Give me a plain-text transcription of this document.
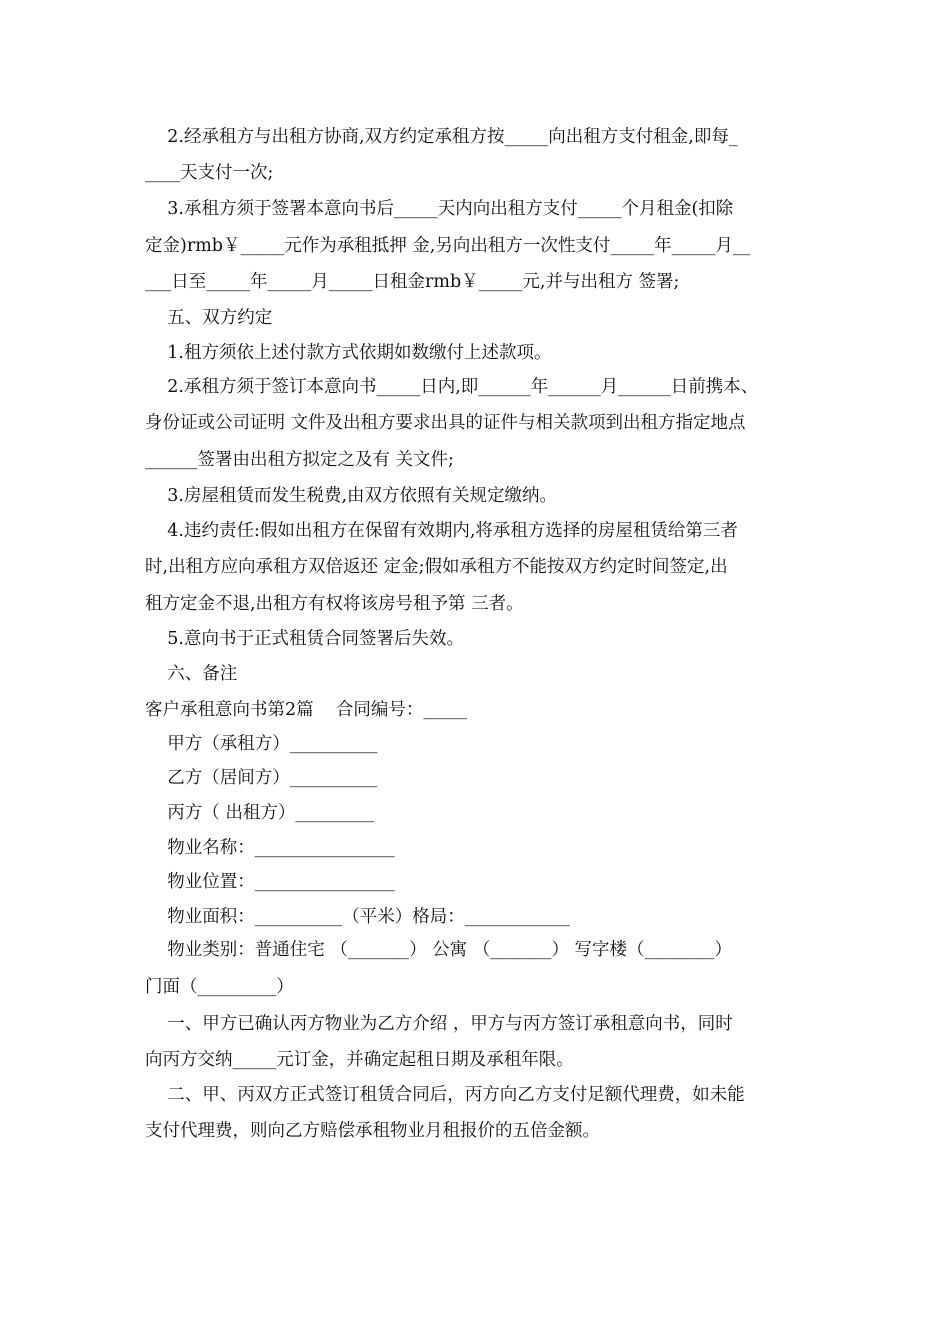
2.经承租方与出租方协商,双方约定承租方按_____向出租方支付租金,即每_
____天支付一次;
3.承租方须于签署本意向书后_____天内向出租方支付_____个月租金(扣除
定金)rmb￥_____元作为承租抵押 金,另向出租方一次性支付_____年_____月__
___日至_____年_____月_____日租金rmb￥_____元,并与出租方 签署;
五、双方约定
1.租方须依上述付款方式依期如数缴付上述款项。
2.承租方须于签订本意向书_____日内,即______年______月______日前携本、
身份证或公司证明 文件及出租方要求出具的证件与相关款项到出租方指定地点
______签署由出租方拟定之及有 关文件;
3.房屋租赁而发生税费,由双方依照有关规定缴纳。
4.违约责任:假如出租方在保留有效期内,将承租方选择的房屋租赁给第三者
时,出租方应向承租方双倍返还 定金;假如承租方不能按双方约定时间签定,出
租方定金不退,出租方有权将该房号租予第 三者。
5.意向书于正式租赁合同签署后失效。
六、备注
客户承租意向书第2篇    合同编号：_____
甲方（承租方）__________
乙方（居间方）__________
丙方（ 出租方）_________
物业名称：________________
物业位置：________________
物业面积：__________（平米）格局：____________
物业类别：普通住宅 （_______） 公寓 （_______） 写字楼（________）
门面（_________）
一、甲方已确认丙方物业为乙方介绍 ，甲方与丙方签订承租意向书，同时
向丙方交纳_____元订金，并确定起租日期及承租年限。
二、甲、丙双方正式签订租赁合同后，丙方向乙方支付足额代理费，如未能
支付代理费，则向乙方赔偿承租物业月租报价的五倍金额。
